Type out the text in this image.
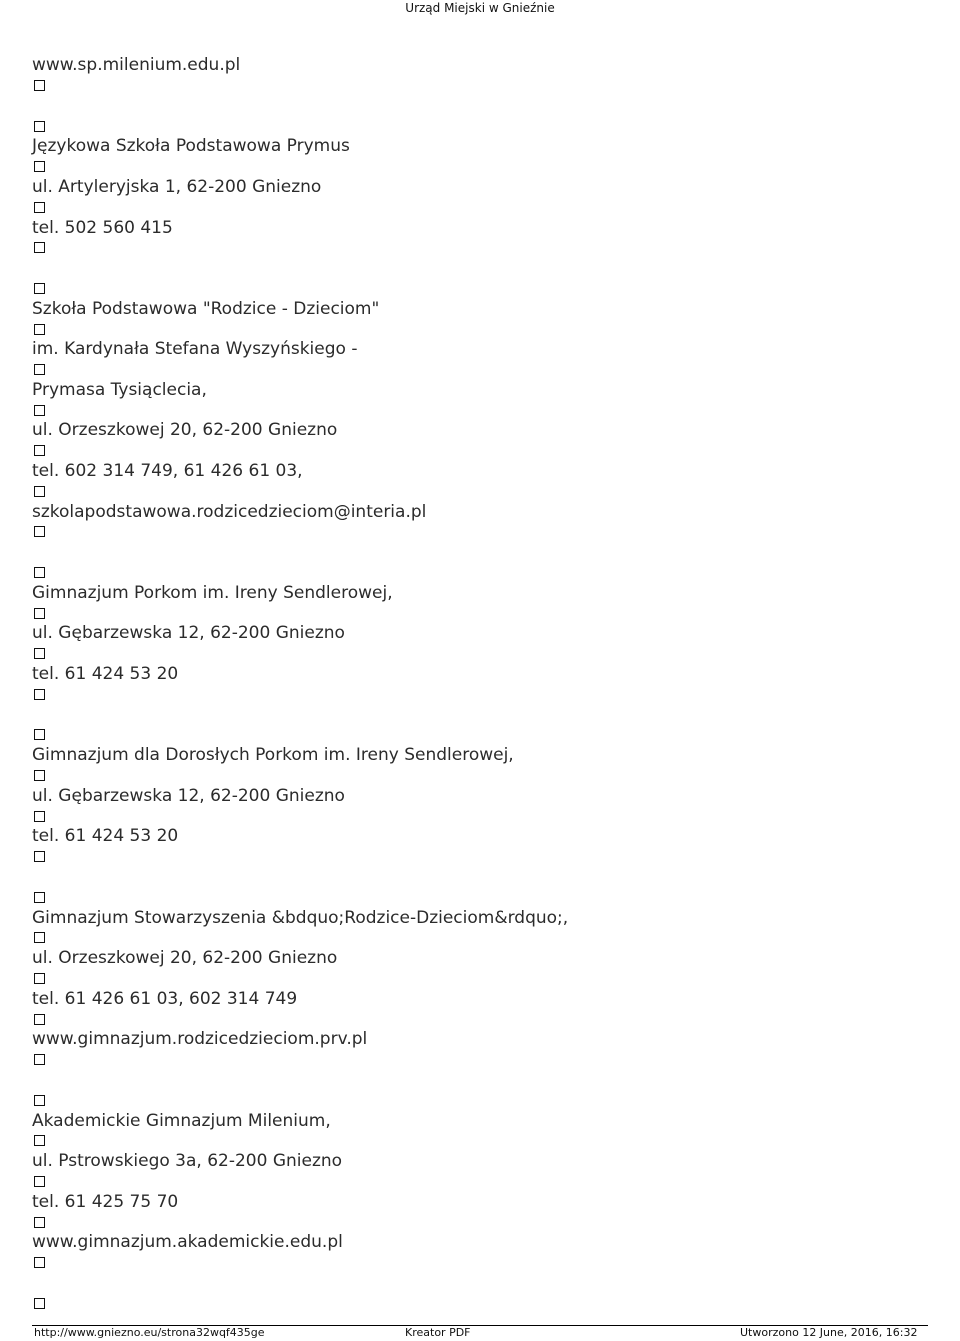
Urząd Miejski w Gnieźnie
www.sp.milenium.edu.pl
Językowa Szkoła Podstawowa Prymus
ul. Artyleryjska 1, 62-200 Gniezno
tel. 502 560 415
Szkoła Podstawowa "Rodzice - Dzieciom"
im. Kardynała Stefana Wyszyńskiego -
Prymasa Tysiąclecia,
ul. Orzeszkowej 20, 62-200 Gniezno
tel. 602 314 749, 61 426 61 03,
szkolapodstawowa.rodzicedzieciom@interia.pl
Gimnazjum Porkom im. Ireny Sendlerowej,
ul. Gębarzewska 12, 62-200 Gniezno
tel. 61 424 53 20
Gimnazjum dla Dorosłych Porkom im. Ireny Sendlerowej,
ul. Gębarzewska 12, 62-200 Gniezno
tel. 61 424 53 20
Gimnazjum Stowarzyszenia &bdquo;Rodzice-Dzieciom&rdquo;,
ul. Orzeszkowej 20, 62-200 Gniezno
tel. 61 426 61 03, 602 314 749
www.gimnazjum.rodzicedzieciom.prv.pl
Akademickie Gimnazjum Milenium,
ul. Pstrowskiego 3a, 62-200 Gniezno
tel. 61 425 75 70
www.gimnazjum.akademickie.edu.pl
http://www.gniezno.eu/strona32wqf435ge	Kreator PDF	Utworzono 12 June, 2016, 16:32
